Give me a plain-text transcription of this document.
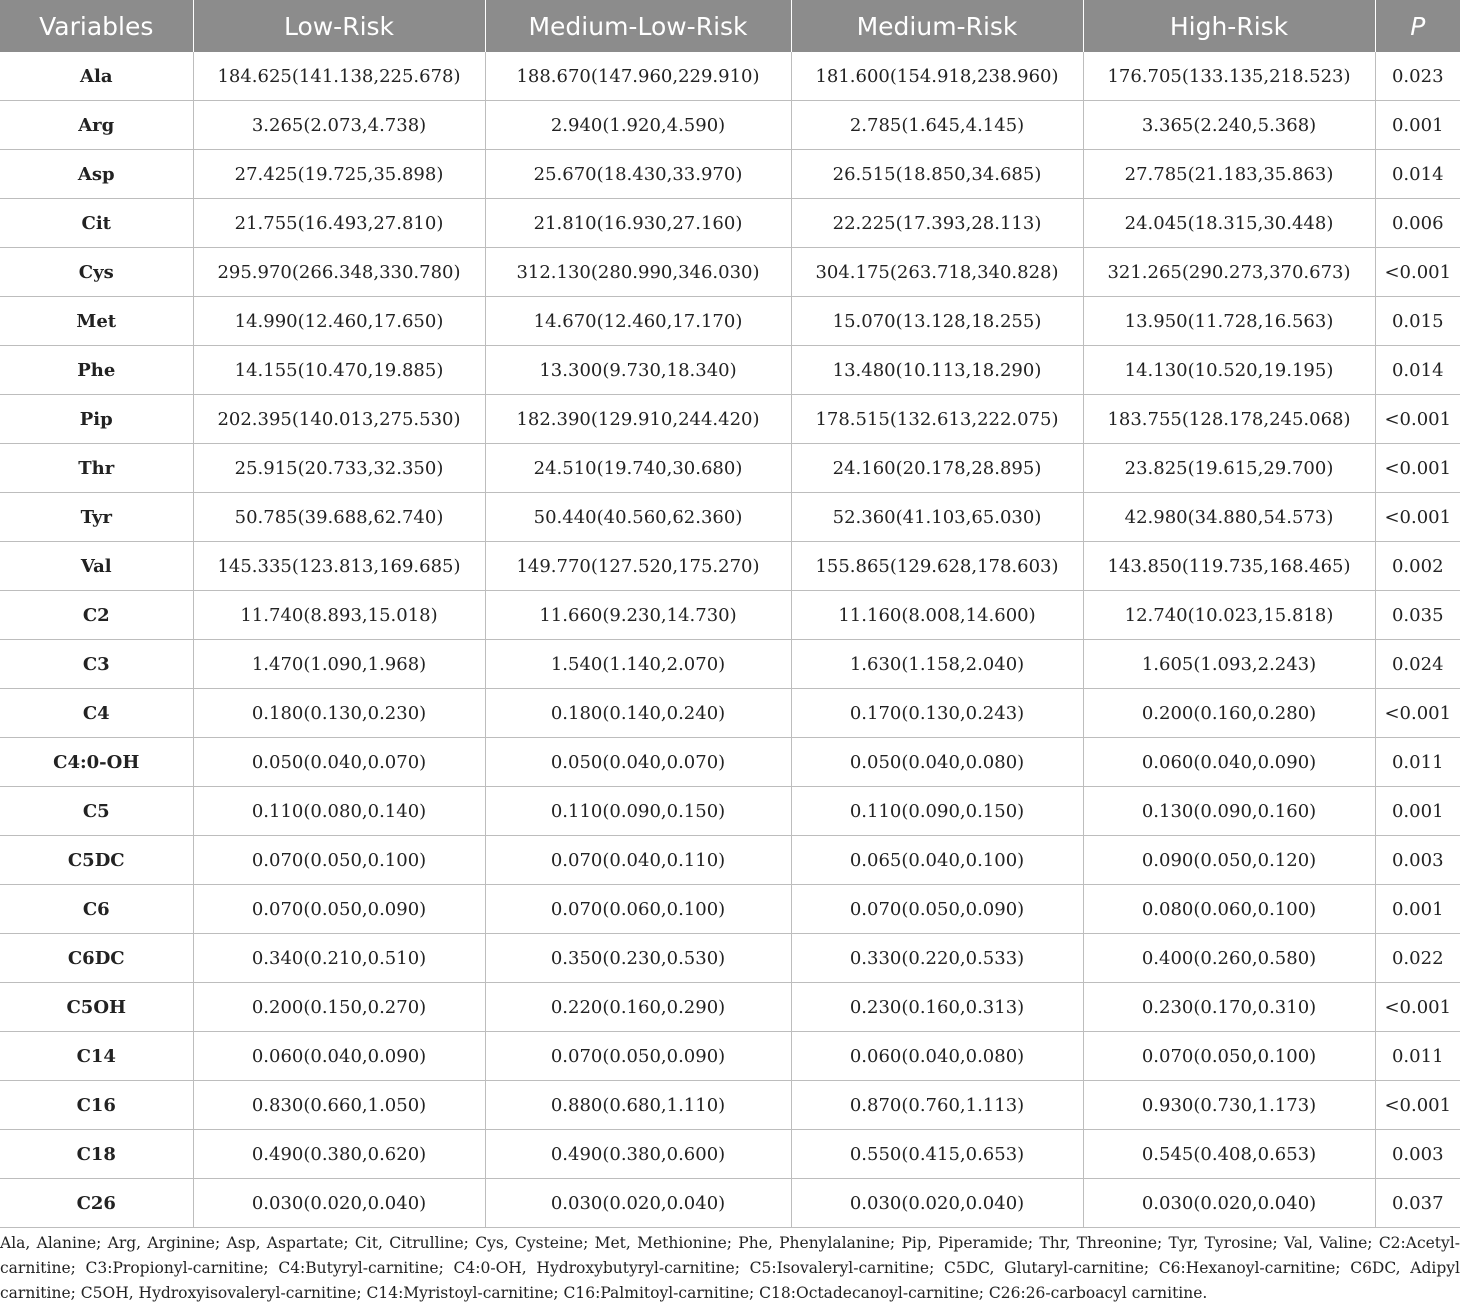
Variables	Low-Risk	Medium-Low-Risk	Medium-Risk	High-Risk	P
Ala	184.625(141.138,225.678)	188.670(147.960,229.910)	181.600(154.918,238.960)	176.705(133.135,218.523)	0.023
Arg	3.265(2.073,4.738)	2.940(1.920,4.590)	2.785(1.645,4.145)	3.365(2.240,5.368)	0.001
Asp	27.425(19.725,35.898)	25.670(18.430,33.970)	26.515(18.850,34.685)	27.785(21.183,35.863)	0.014
Cit	21.755(16.493,27.810)	21.810(16.930,27.160)	22.225(17.393,28.113)	24.045(18.315,30.448)	0.006
Cys	295.970(266.348,330.780)	312.130(280.990,346.030)	304.175(263.718,340.828)	321.265(290.273,370.673)	<0.001
Met	14.990(12.460,17.650)	14.670(12.460,17.170)	15.070(13.128,18.255)	13.950(11.728,16.563)	0.015
Phe	14.155(10.470,19.885)	13.300(9.730,18.340)	13.480(10.113,18.290)	14.130(10.520,19.195)	0.014
Pip	202.395(140.013,275.530)	182.390(129.910,244.420)	178.515(132.613,222.075)	183.755(128.178,245.068)	<0.001
Thr	25.915(20.733,32.350)	24.510(19.740,30.680)	24.160(20.178,28.895)	23.825(19.615,29.700)	<0.001
Tyr	50.785(39.688,62.740)	50.440(40.560,62.360)	52.360(41.103,65.030)	42.980(34.880,54.573)	<0.001
Val	145.335(123.813,169.685)	149.770(127.520,175.270)	155.865(129.628,178.603)	143.850(119.735,168.465)	0.002
C2	11.740(8.893,15.018)	11.660(9.230,14.730)	11.160(8.008,14.600)	12.740(10.023,15.818)	0.035
C3	1.470(1.090,1.968)	1.540(1.140,2.070)	1.630(1.158,2.040)	1.605(1.093,2.243)	0.024
C4	0.180(0.130,0.230)	0.180(0.140,0.240)	0.170(0.130,0.243)	0.200(0.160,0.280)	<0.001
C4:0-OH	0.050(0.040,0.070)	0.050(0.040,0.070)	0.050(0.040,0.080)	0.060(0.040,0.090)	0.011
C5	0.110(0.080,0.140)	0.110(0.090,0.150)	0.110(0.090,0.150)	0.130(0.090,0.160)	0.001
C5DC	0.070(0.050,0.100)	0.070(0.040,0.110)	0.065(0.040,0.100)	0.090(0.050,0.120)	0.003
C6	0.070(0.050,0.090)	0.070(0.060,0.100)	0.070(0.050,0.090)	0.080(0.060,0.100)	0.001
C6DC	0.340(0.210,0.510)	0.350(0.230,0.530)	0.330(0.220,0.533)	0.400(0.260,0.580)	0.022
C5OH	0.200(0.150,0.270)	0.220(0.160,0.290)	0.230(0.160,0.313)	0.230(0.170,0.310)	<0.001
C14	0.060(0.040,0.090)	0.070(0.050,0.090)	0.060(0.040,0.080)	0.070(0.050,0.100)	0.011
C16	0.830(0.660,1.050)	0.880(0.680,1.110)	0.870(0.760,1.113)	0.930(0.730,1.173)	<0.001
C18	0.490(0.380,0.620)	0.490(0.380,0.600)	0.550(0.415,0.653)	0.545(0.408,0.653)	0.003
C26	0.030(0.020,0.040)	0.030(0.020,0.040)	0.030(0.020,0.040)	0.030(0.020,0.040)	0.037
Ala, Alanine; Arg, Arginine; Asp, Aspartate; Cit, Citrulline; Cys, Cysteine; Met, Methionine; Phe, Phenylalanine; Pip, Piperamide; Thr, Threonine; Tyr, Tyrosine; Val, Valine; C2:Acetyl-carnitine; C3:Propionyl-carnitine; C4:Butyryl-carnitine; C4:0-OH, Hydroxybutyryl-carnitine; C5:Isovaleryl-carnitine; C5DC, Glutaryl-carnitine; C6:Hexanoyl-carnitine; C6DC, Adipyl carnitine; C5OH, Hydroxyisovaleryl-carnitine; C14:Myristoyl-carnitine; C16:Palmitoyl-carnitine; C18:Octadecanoyl-carnitine; C26:26-carboacyl carnitine.
